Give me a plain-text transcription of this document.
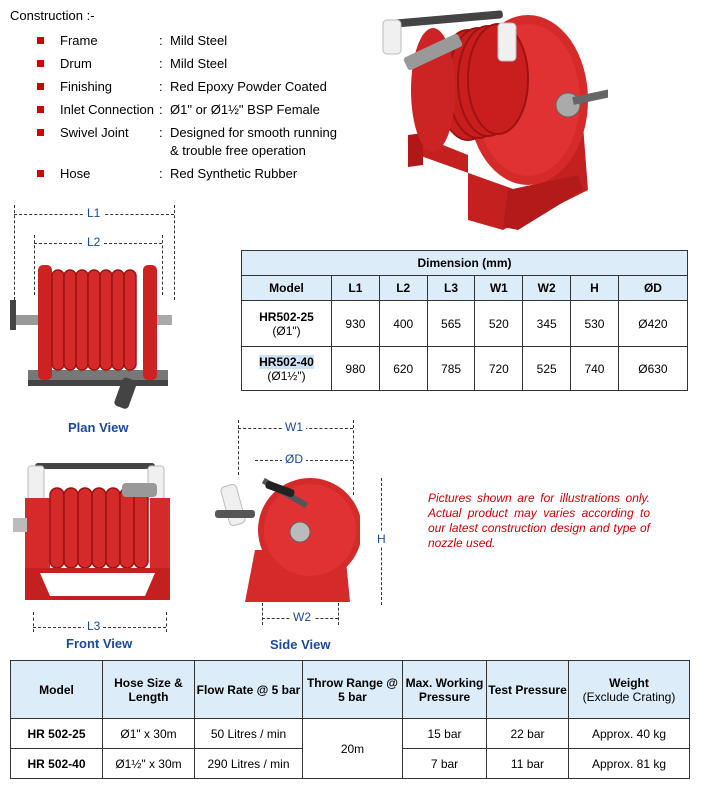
Construction :-
Frame	: Mild Steel
Drum	: Mild Steel
Finishing	: Red Epoxy Powder Coated
Inlet Connection : Ø1" or Ø1½" BSP Female
Swivel Joint : Designed for smooth running
& trouble free operation
Hose	: Red Synthetic Rubber
L1
L2
Plan View
L3
Front View
W1
ØD
H
W2
Side View
Dimension (mm)							
Model	L1	L2	L3	W1	W2	H	ØD

HR502-25
(Ø1")	930	400	565	520	345	530	Ø420
HR502-40
(Ø1½")	980	620	785	720	525	740	Ø630
Pictures shown are for illustrations only. Actual product may varies according to our latest construction design and type of nozzle used.
Model	Hose Size & Length	Flow Rate @ 5 bar	Throw Range @ 5 bar	Max. Working Pressure	Test Pressure	Weight
(Exclude Crating)

HR 502-25	Ø1" x 30m	50 Litres / min	20m	15 bar	22 bar	Approx. 40 kg
HR 502-40	Ø1½" x 30m	290 Litres / min		7 bar	11 bar	Approx. 81 kg
